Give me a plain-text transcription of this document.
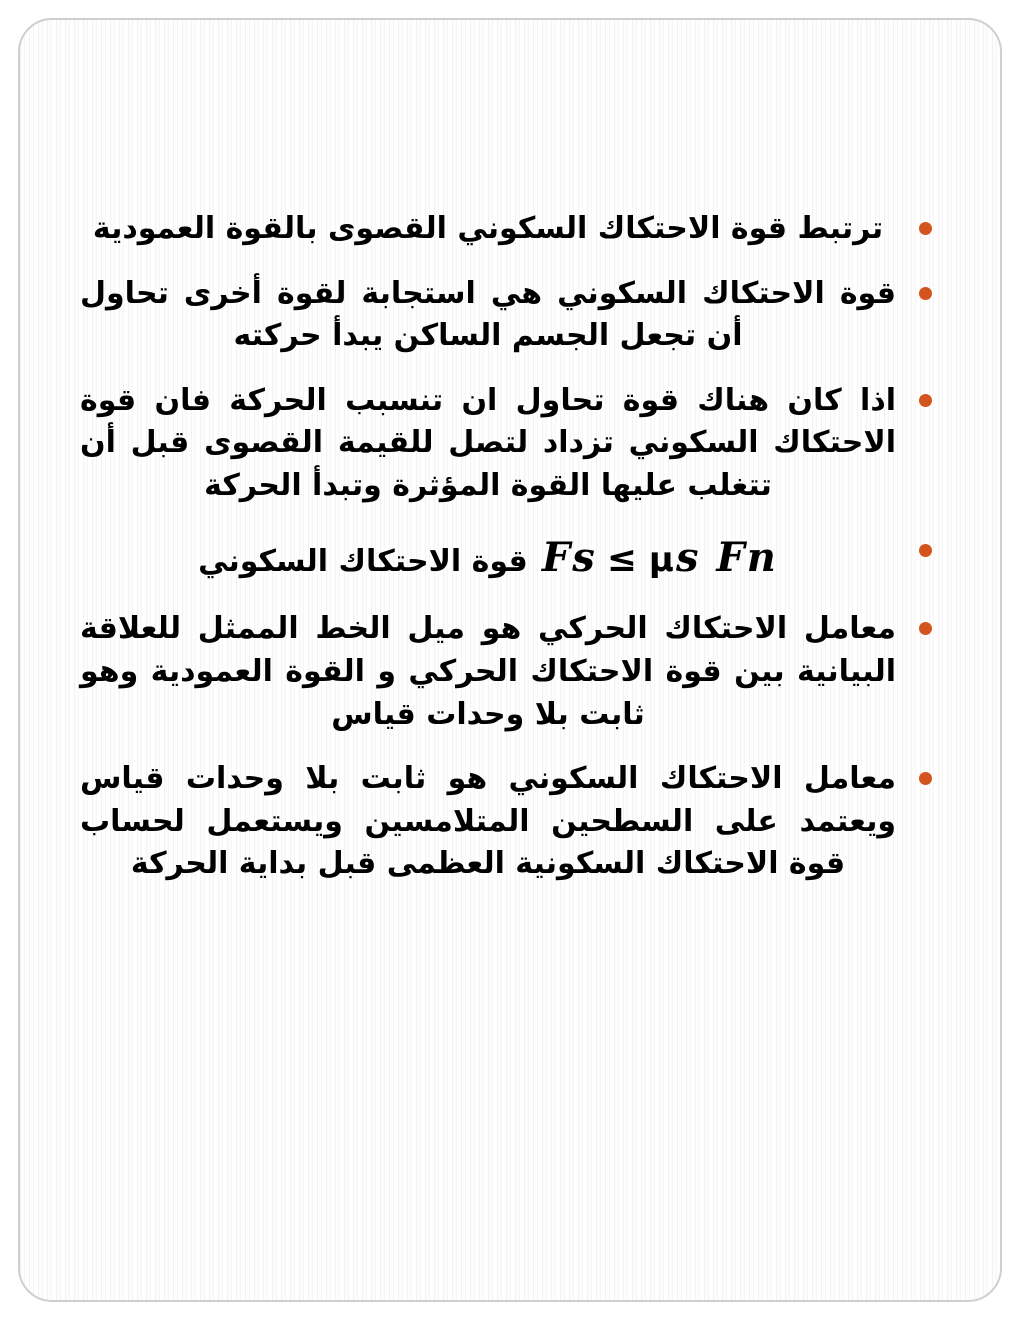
ترتبط قوة الاحتكاك السكوني القصوى بالقوة العمودية
قوة الاحتكاك السكوني هي استجابة لقوة أخرى تحاول أن تجعل الجسم الساكن يبدأ حركته
اذا كان هناك قوة تحاول ان تنسبب الحركة فان قوة الاحتكاك السكوني تزداد لتصل للقيمة القصوى قبل أن تتغلب عليها القوة المؤثرة وتبدأ الحركة
Fs ≤ μs Fn
قوة الاحتكاك السكوني
معامل الاحتكاك الحركي هو ميل الخط الممثل للعلاقة البيانية بين قوة الاحتكاك الحركي و القوة العمودية وهو ثابت بلا وحدات قياس
معامل الاحتكاك السكوني هو ثابت بلا وحدات قياس ويعتمد على السطحين المتلامسين ويستعمل لحساب قوة الاحتكاك السكونية العظمى قبل بداية الحركة
